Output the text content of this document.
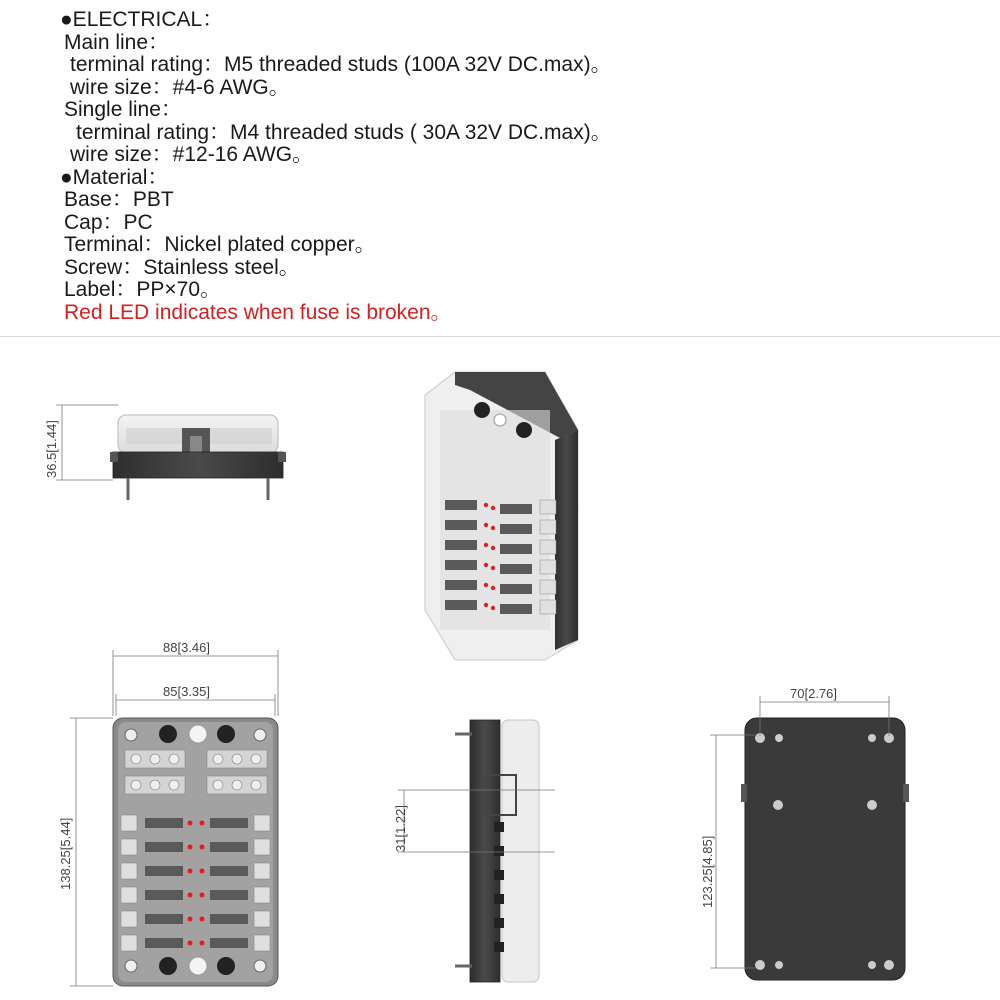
●ELECTRICAL：
Main line：
terminal rating：M5 threaded studs (100A 32V DC.max)。
wire size：#4-6 AWG。
Single line：
terminal rating：M4 threaded studs ( 30A 32V DC.max)。
wire size：#12-16 AWG。
●Material：
Base：PBT
Cap：PC
Terminal：Nickel plated copper。
Screw：Stainless steel。
Label：PP×70。
Red LED indicates when fuse is broken。
36.5[1.44]
88[3.46]
85[3.35]
138.25[5.44]
31[1.22]
70[2.76]
123.25[4.85]
